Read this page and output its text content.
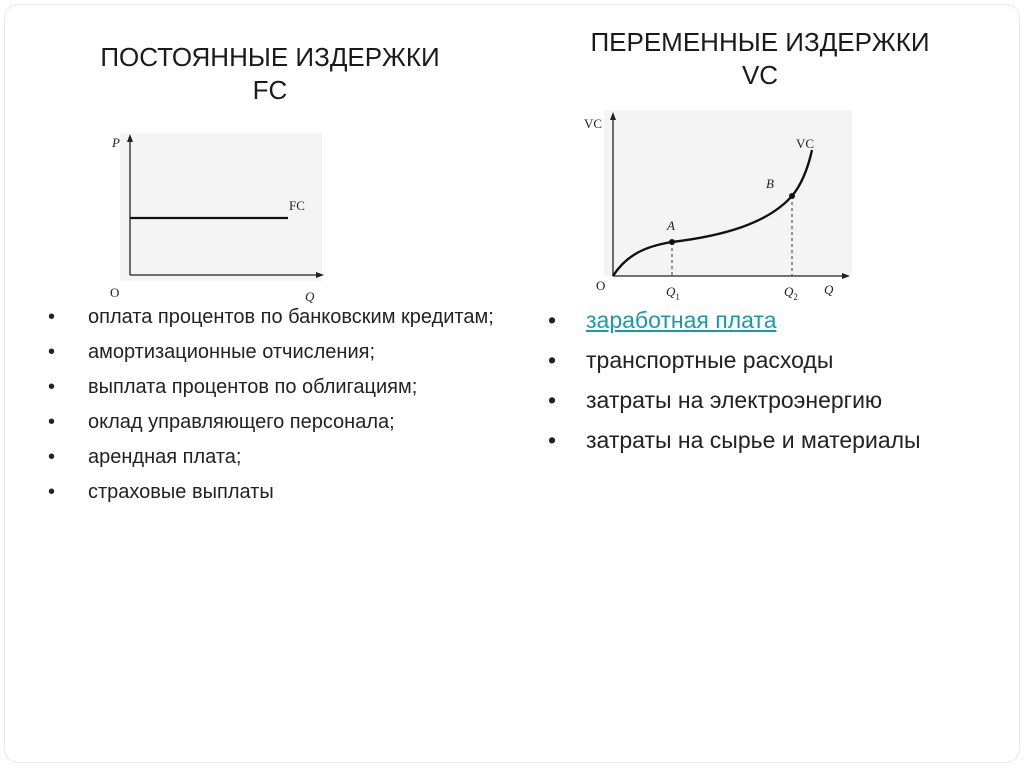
ПОСТОЯННЫЕ ИЗДЕРЖКИ
FC
P
Q
O
FC
• оплата процентов по банковским кредитам;
• амортизационные отчисления;
• выплата процентов по облигациям;
• оклад управляющего персонала;
• арендная плата;
• страховые выплаты
ПЕРЕМЕННЫЕ ИЗДЕРЖКИ
VC
VC
Q
O
VC
A
B
$Q_1$	$Q_2$
• заработная плата
• транспортные расходы
• затраты на электроэнергию
• затраты на сырье и материалы
